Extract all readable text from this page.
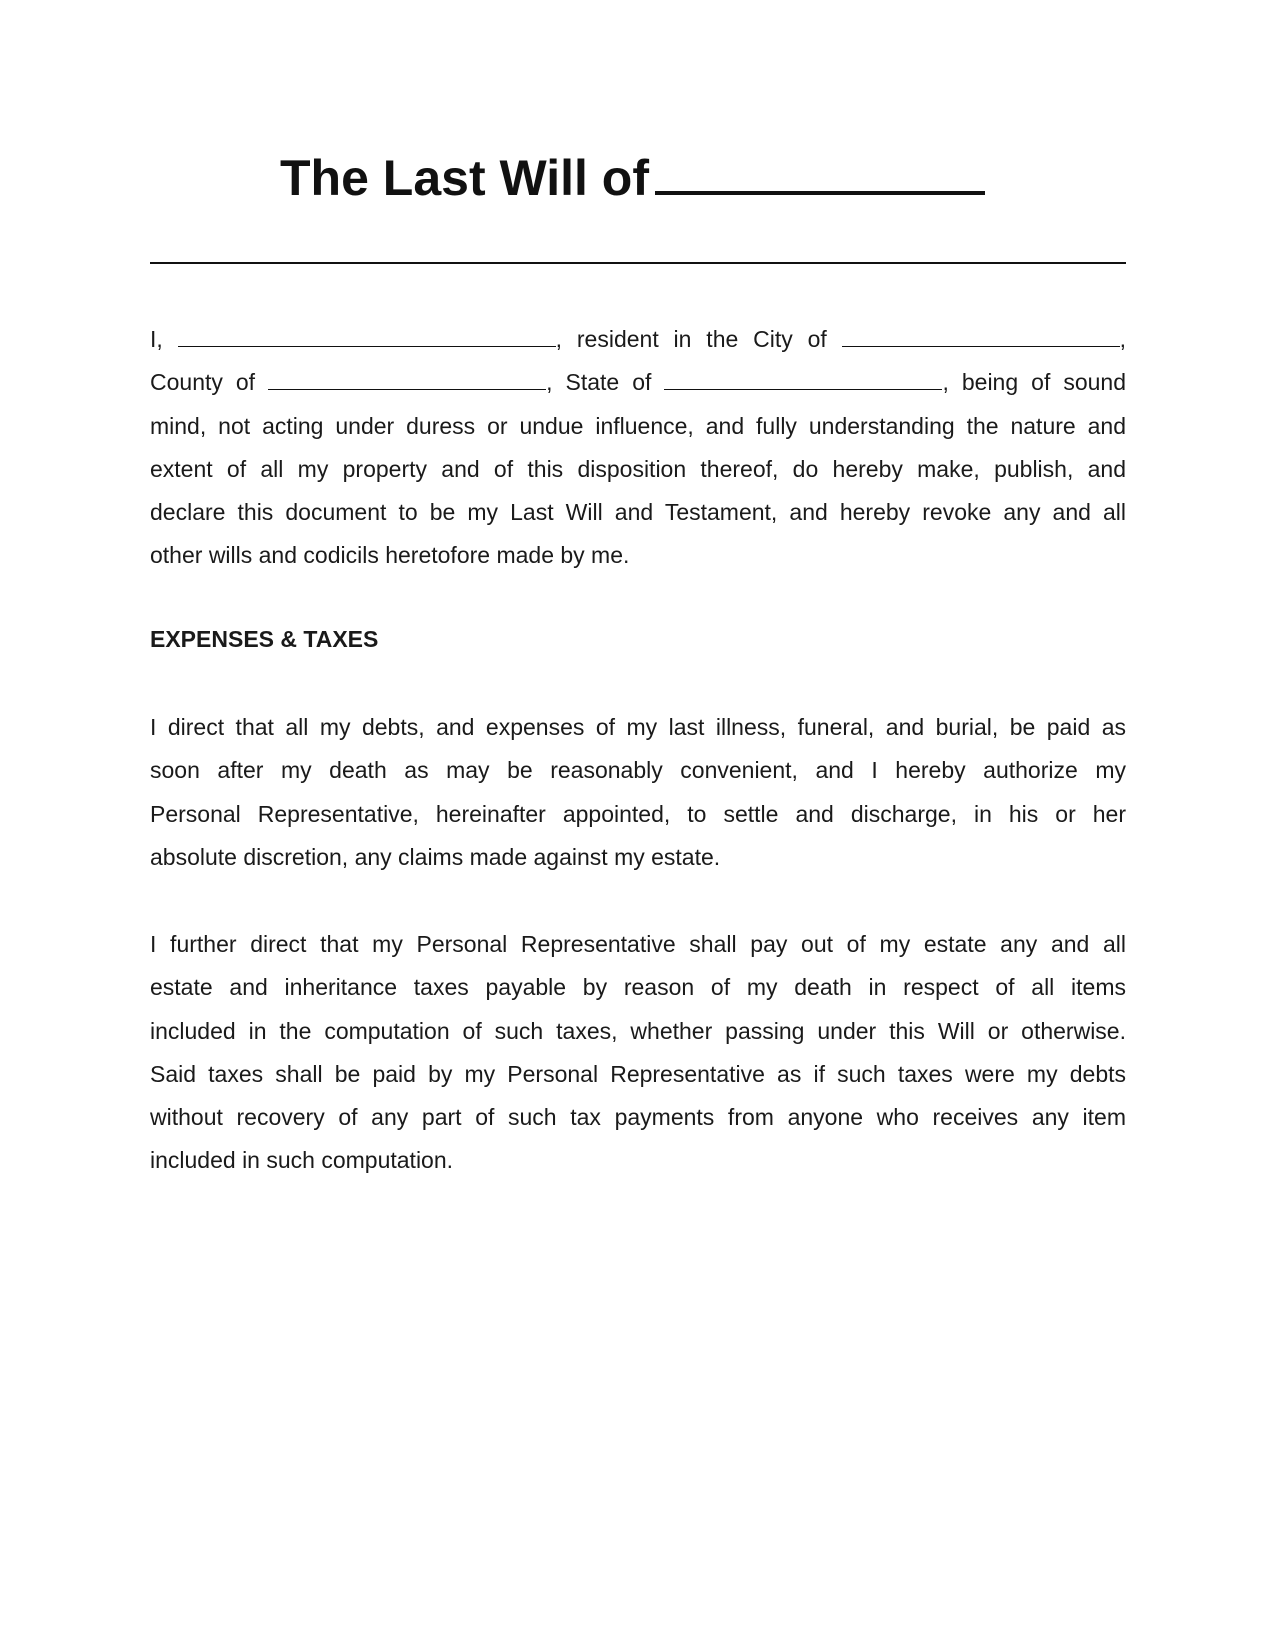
The Last Will of
I,	, resident in the City of	,
County of	, State of	, being of sound
mind, not acting under duress or undue influence, and fully understanding the nature and
extent of all my property and of this disposition thereof, do hereby make, publish, and
declare this document to be my Last Will and Testament, and hereby revoke any and all
other wills and codicils heretofore made by me.
EXPENSES & TAXES
I direct that all my debts, and expenses of my last illness, funeral, and burial, be paid as
soon after my death as may be reasonably convenient, and I hereby authorize my
Personal Representative, hereinafter appointed, to settle and discharge, in his or her
absolute discretion, any claims made against my estate.
I further direct that my Personal Representative shall pay out of my estate any and all
estate and inheritance taxes payable by reason of my death in respect of all items
included in the computation of such taxes, whether passing under this Will or otherwise.
Said taxes shall be paid by my Personal Representative as if such taxes were my debts
without recovery of any part of such tax payments from anyone who receives any item
included in such computation.
